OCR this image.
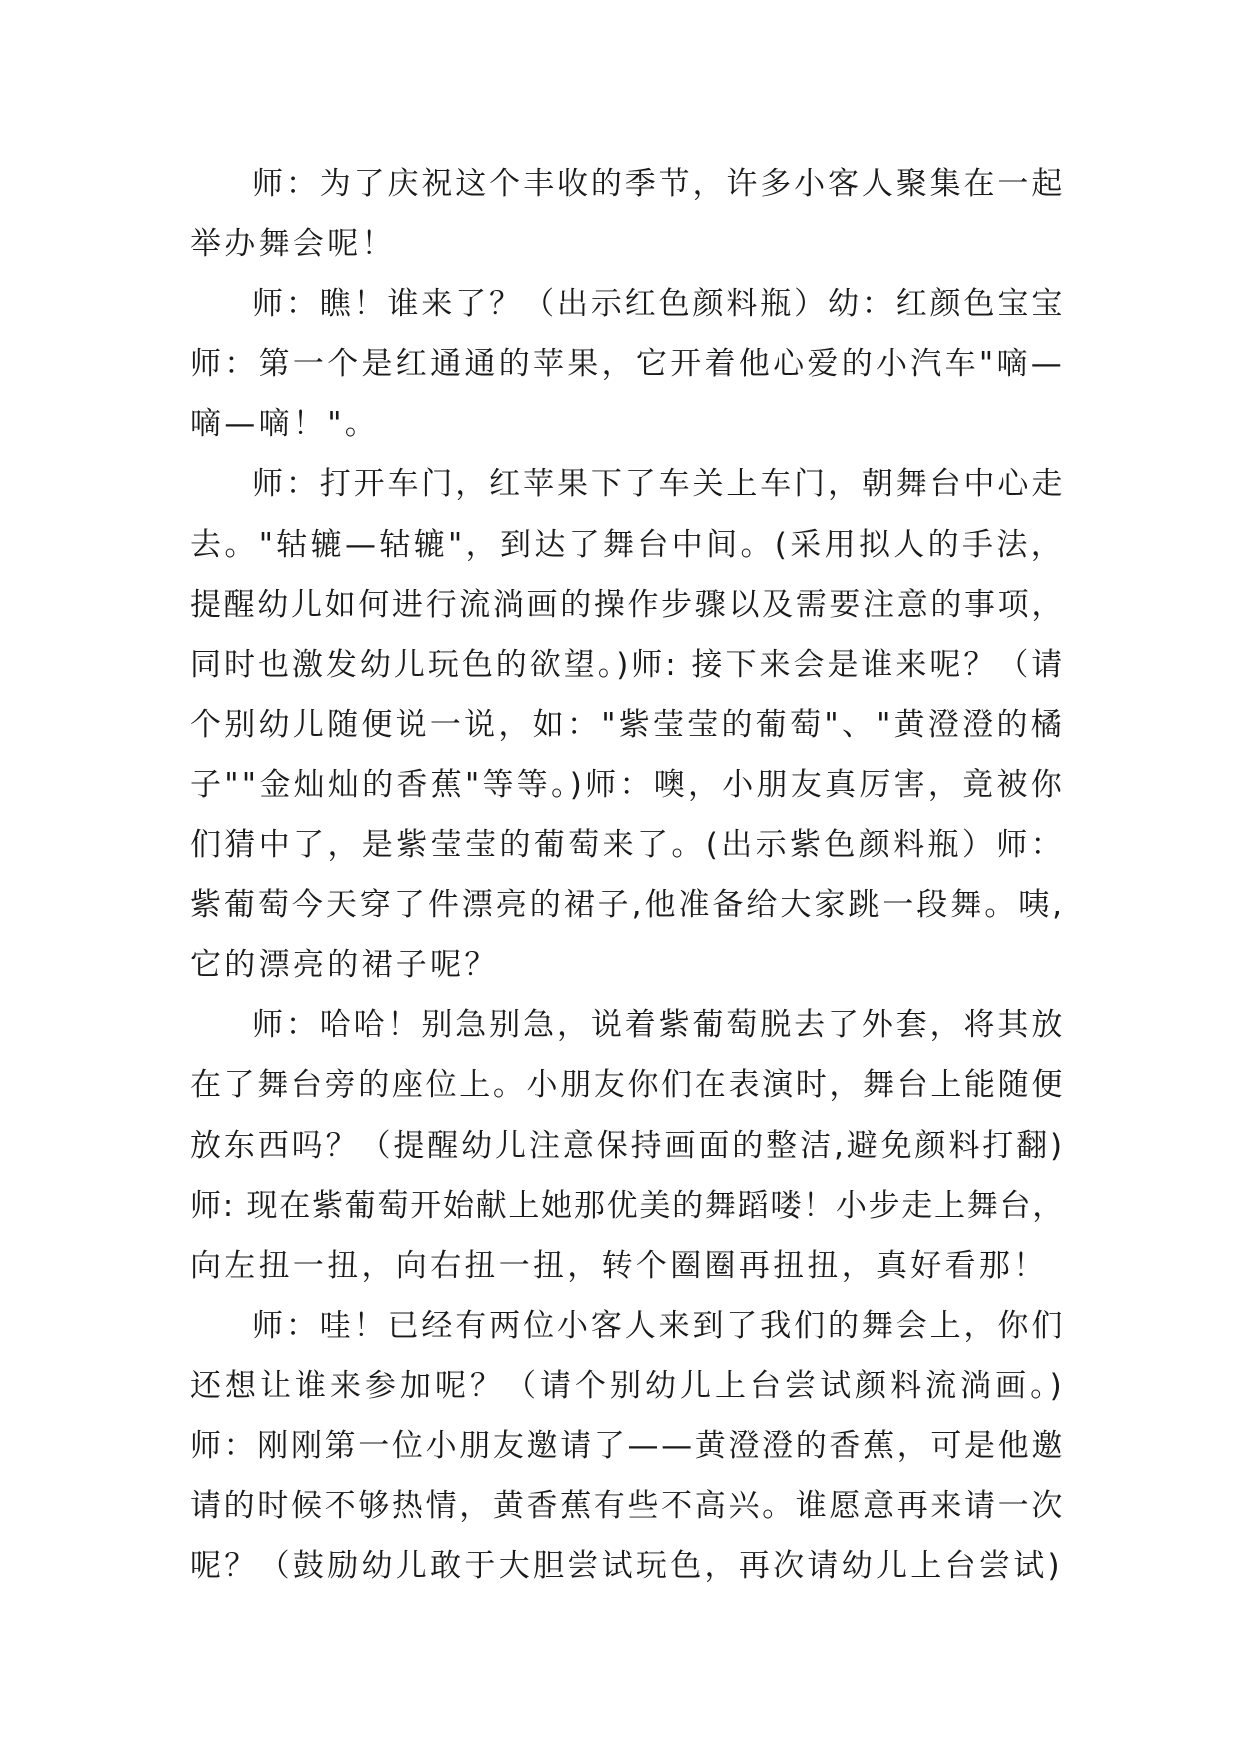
师：为了庆祝这个丰收的季节，许多小客人聚集在一起
举办舞会呢！
师：瞧！谁来了？（出示红色颜料瓶）幼：红颜色宝宝
师：第一个是红通通的苹果，它开着他心爱的小汽车"嘀—
嘀—嘀！"。
师：打开车门，红苹果下了车关上车门，朝舞台中心走
去。"轱辘—轱辘"，到达了舞台中间。(采用拟人的手法，
提醒幼儿如何进行流淌画的操作步骤以及需要注意的事项，
同时也激发幼儿玩色的欲望。)师: 接下来会是谁来呢？（请
个别幼儿随便说一说，如："紫莹莹的葡萄"、"黄澄澄的橘
子""金灿灿的香蕉"等等。)师：噢，小朋友真厉害，竟被你
们猜中了，是紫莹莹的葡萄来了。(出示紫色颜料瓶）师：
紫葡萄今天穿了件漂亮的裙子,他准备给大家跳一段舞。咦,
它的漂亮的裙子呢？
师：哈哈！别急别急，说着紫葡萄脱去了外套，将其放
在了舞台旁的座位上。小朋友你们在表演时，舞台上能随便
放东西吗？（提醒幼儿注意保持画面的整洁,避免颜料打翻)
师: 现在紫葡萄开始献上她那优美的舞蹈喽！小步走上舞台，
向左扭一扭，向右扭一扭，转个圈圈再扭扭，真好看那！
师：哇！已经有两位小客人来到了我们的舞会上，你们
还想让谁来参加呢？（请个别幼儿上台尝试颜料流淌画。)
师：刚刚第一位小朋友邀请了——黄澄澄的香蕉，可是他邀
请的时候不够热情，黄香蕉有些不高兴。谁愿意再来请一次
呢？（鼓励幼儿敢于大胆尝试玩色，再次请幼儿上台尝试)
